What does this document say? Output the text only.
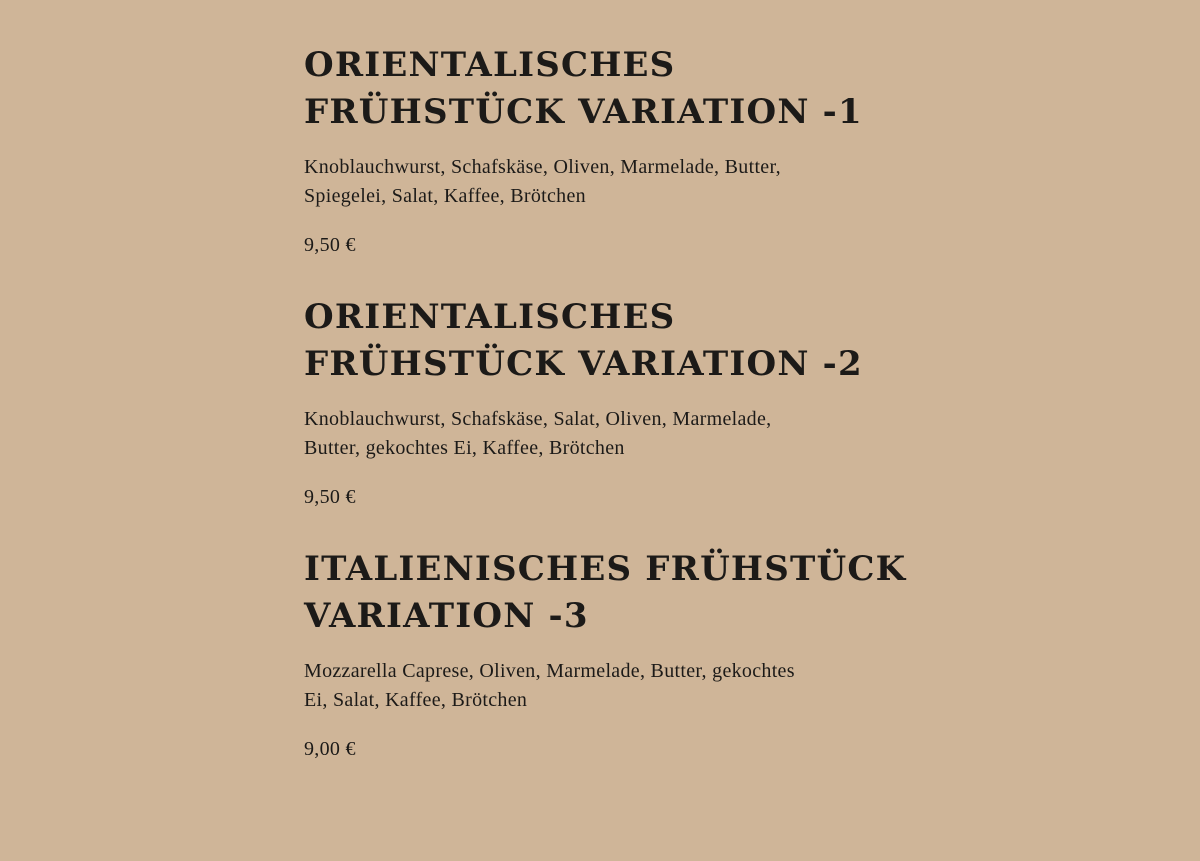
ORIENTALISCHES
FRÜHSTÜCK VARIATION -1

Knoblauchwurst, Schafskäse, Oliven, Marmelade, Butter,
Spiegelei, Salat, Kaffee, Brötchen

9,50 €

ORIENTALISCHES
FRÜHSTÜCK VARIATION -2

Knoblauchwurst, Schafskäse, Salat, Oliven, Marmelade,
Butter, gekochtes Ei, Kaffee, Brötchen

9,50 €

ITALIENISCHES FRÜHSTÜCK
VARIATION -3

Mozzarella Caprese, Oliven, Marmelade, Butter, gekochtes
Ei, Salat, Kaffee, Brötchen

9,00 €
